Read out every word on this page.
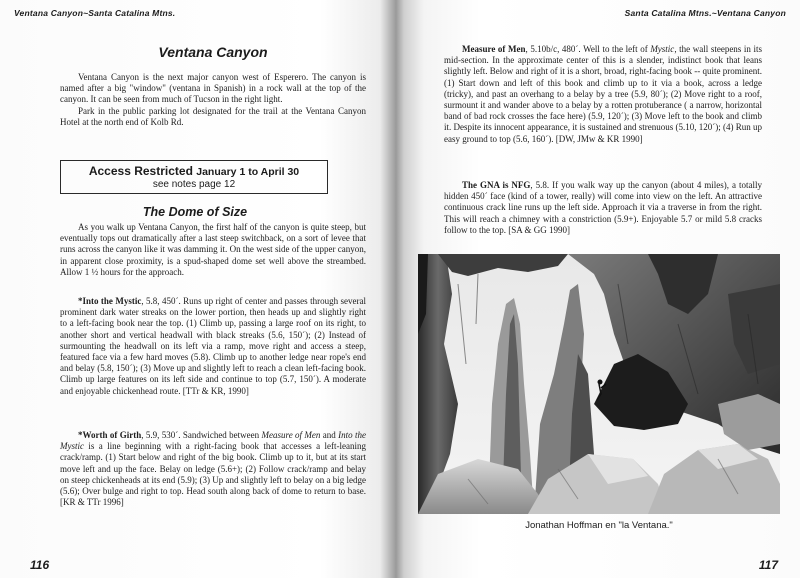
Ventana Canyon~Santa Catalina Mtns.
Ventana Canyon

Ventana Canyon is the next major canyon west of Esperero. The canyon is named after a big "window" (ventana in Spanish) in a rock wall at the top of the canyon. It can be seen from much of Tucson in the right light.

Park in the public parking lot designated for the trail at the Ventana Canyon Hotel at the north end of Kolb Rd.

Access Restricted January 1 to April 30
see notes page 12
The Dome of Size

As you walk up Ventana Canyon, the first half of the canyon is quite steep, but eventually tops out dramatically after a last steep switchback, on a sort of levee that runs across the canyon like it was damming it. On the west side of the upper canyon, in apparent close proximity, is a spud-shaped dome set well above the streambed. Allow 1 ½ hours for the approach.

*Into the Mystic, 5.8, 450´. Runs up right of center and passes through several prominent dark water streaks on the lower portion, then heads up and slightly right to a left-facing book near the top. (1) Climb up, passing a large roof on its right, to another short and vertical headwall with black streaks (5.6, 150´); (2) Instead of surmounting the headwall on its left via a ramp, move right and access a steep, featured face via a few hard moves (5.8). Climb up to another ledge near rope's end and belay (5.8, 150´); (3) Move up and slightly left to reach a clean left-facing book. Climb up large features on its left side and continue to top (5.7, 150´). A moderate and enjoyable chickenhead route. [TTr & KR, 1990]

*Worth of Girth, 5.9, 530´. Sandwiched between Measure of Men and Into the Mystic is a line beginning with a right-facing book that accesses a left-leaning crack/ramp. (1) Start below and right of the big book. Climb up to it, but at its start move left and up the face. Belay on ledge (5.6+); (2) Follow crack/ramp and belay on steep chickenheads at its end (5.9); (3) Up and slightly left to belay on a big ledge (5.6); Over bulge and right to top. Head south along back of dome to return to base. [KR & TTr 1996]

116
Santa Catalina Mtns.~Ventana Canyon

Measure of Men, 5.10b/c, 480´. Well to the left of Mystic, the wall steepens in its mid-section. In the approximate center of this is a slender, indistinct book that leans slightly left. Below and right of it is a short, broad, right-facing book -- quite prominent. (1) Start down and left of this book and climb up to it via a book, across a ledge (tricky), and past an overhang to a belay by a tree (5.9, 80´); (2) Move right to a roof, surmount it and wander above to a belay by a rotten protuberance ( a narrow, horizontal band of bad rock crosses the face here) (5.9, 120´); (3) Move left to the book and climb it. Despite its innocent appearance, it is sustained and strenuous (5.10, 120´); (4) Run up easy ground to top (5.6, 160´). [DW, JMw & KR 1990]

The GNA is NFG, 5.8. If you walk way up the canyon (about 4 miles), a totally hidden 450´ face (kind of a tower, really) will come into view on the left. An attractive continuous crack line runs up the left side. Approach it via a traverse in from the right. This will reach a chimney with a constriction (5.9+). Enjoyable 5.7 or mild 5.8 cracks follow to the top. [SA & GG 1990]

117
Jonathan Hoffman en "la Ventana."
